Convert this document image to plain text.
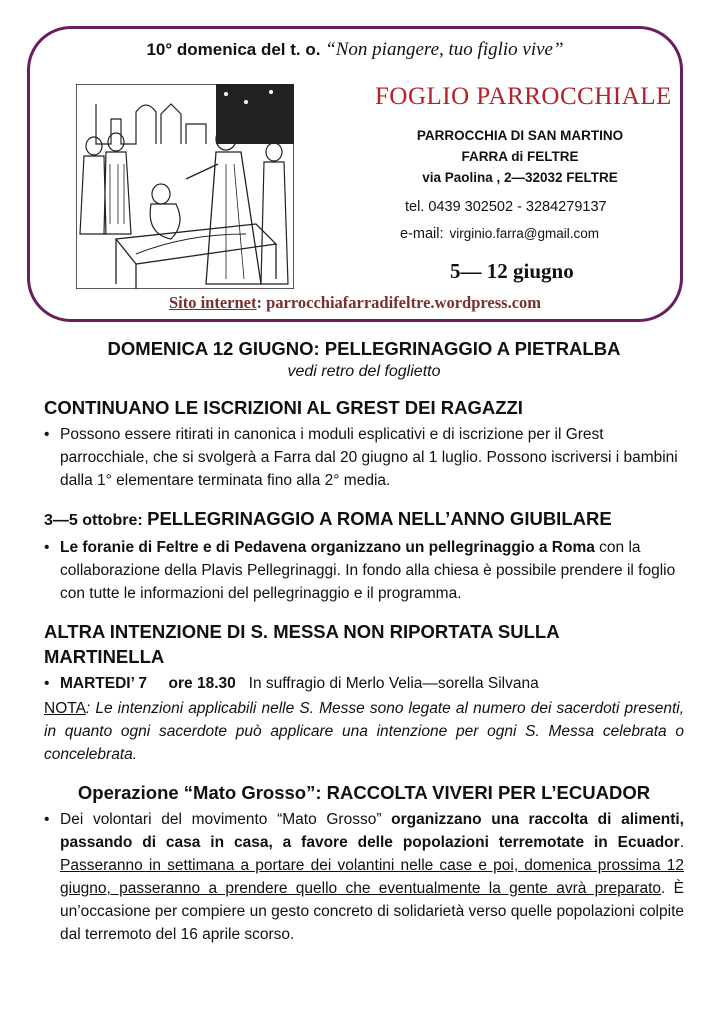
10° domenica del t. o. “Non piangere, tuo figlio vive”
FOGLIO PARROCCHIALE
PARROCCHIA DI SAN MARTINO
FARRA di FELTRE
via Paolina , 2—32032 FELTRE
tel. 0439 302502 - 3284279137
e-mail: virginio.farra@gmail.com
5— 12 giugno
Sito internet: parrocchiafarradifeltre.wordpress.com

DOMENICA 12 GIUGNO: PELLEGRINAGGIO A PIETRALBA

vedi retro del foglietto

CONTINUANO LE ISCRIZIONI AL GREST DEI RAGAZZI

• Possono essere ritirati in canonica i moduli esplicativi e di iscrizione per il Grest parrocchiale, che si svolgerà a Farra dal 20 giugno al 1 luglio. Possono iscriversi i bambini dalla 1° elementare terminata fino alla 2° media.

3—5 ottobre: PELLEGRINAGGIO A ROMA NELL’ANNO GIUBILARE

• Le foranie di Feltre e di Pedavena organizzano un pellegrinaggio a Roma con la collaborazione della Plavis Pellegrinaggi. In fondo alla chiesa è possibile prendere il foglio con tutte le informazioni del pellegrinaggio e il programma.

ALTRA INTENZIONE DI S. MESSA NON RIPORTATA SULLA MARTINELLA

• MARTEDI’ 7 ore 18.30 In suffragio di Merlo Velia—sorella Silvana

NOTA: Le intenzioni applicabili nelle S. Messe sono legate al numero dei sacerdoti presenti, in quanto ogni sacerdote può applicare una intenzione per ogni S. Messa celebrata o concelebrata.

Operazione “Mato Grosso”: RACCOLTA VIVERI PER L’ECUADOR

• Dei volontari del movimento “Mato Grosso” organizzano una raccolta di alimenti, passando di casa in casa, a favore delle popolazioni terremotate in Ecuador. Passeranno in settimana a portare dei volantini nelle case e poi, domenica prossima 12 giugno, passeranno a prendere quello che eventualmente la gente avrà preparato. È un’occasione per compiere un gesto concreto di solidarietà verso quelle popolazioni colpite dal terremoto del 16 aprile scorso.
